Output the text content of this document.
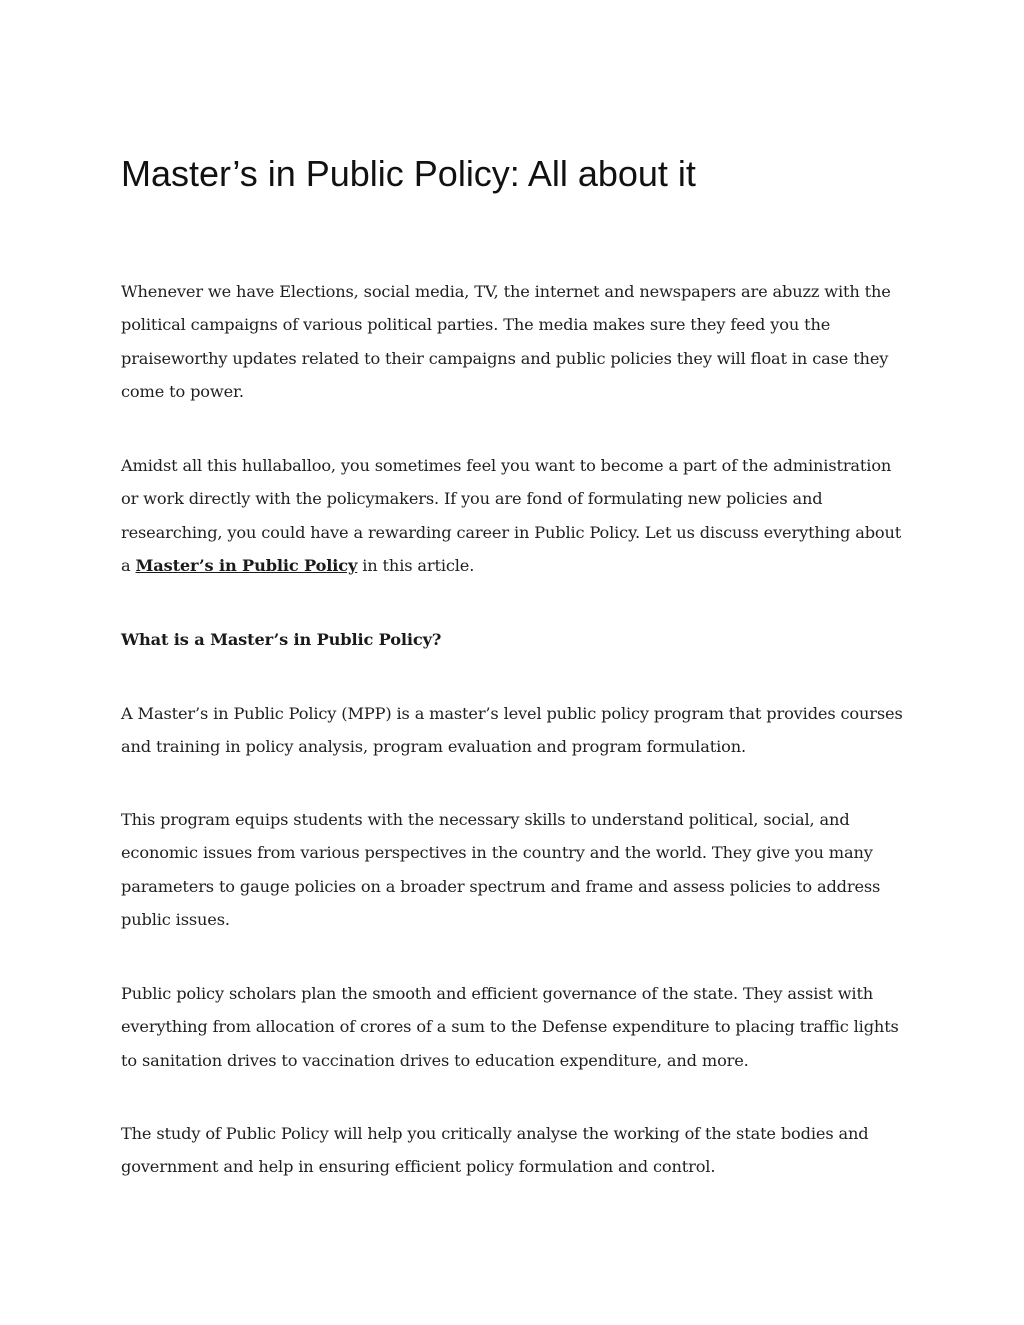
Master’s in Public Policy: All about it

Whenever we have Elections, social media, TV, the internet and newspapers are abuzz with the political campaigns of various political parties. The media makes sure they feed you the praiseworthy updates related to their campaigns and public policies they will float in case they come to power.

Amidst all this hullaballoo, you sometimes feel you want to become a part of the administration or work directly with the policymakers. If you are fond of formulating new policies and researching, you could have a rewarding career in Public Policy. Let us discuss everything about a Master’s in Public Policy in this article.

What is a Master’s in Public Policy?

A Master’s in Public Policy (MPP) is a master’s level public policy program that provides courses and training in policy analysis, program evaluation and program formulation.

This program equips students with the necessary skills to understand political, social, and economic issues from various perspectives in the country and the world. They give you many parameters to gauge policies on a broader spectrum and frame and assess policies to address public issues.

Public policy scholars plan the smooth and efficient governance of the state. They assist with everything from allocation of crores of a sum to the Defense expenditure to placing traffic lights to sanitation drives to vaccination drives to education expenditure, and more.

The study of Public Policy will help you critically analyse the working of the state bodies and government and help in ensuring efficient policy formulation and control.
